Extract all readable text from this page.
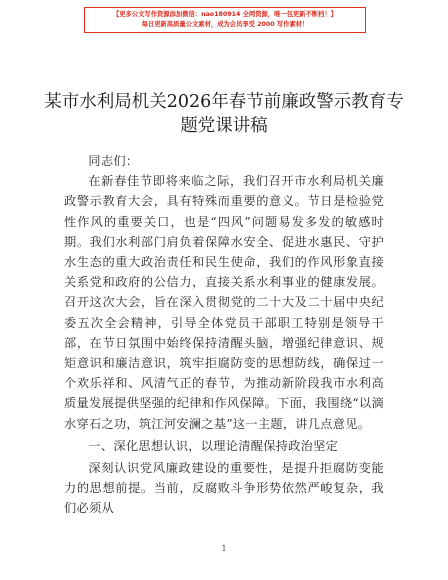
【更多公文写作资源添加微信：nao180914 全网资源，唯一包更新不断档！】
每日更新高质量公文素材，成为会员享受 2000 写作素材！
某市水利局机关2026年春节前廉政警示教育专题党课讲稿

同志们：

在新春佳节即将来临之际，我们召开市水利局机关廉政警示教育大会，具有特殊而重要的意义。节日是检验党性作风的重要关口，也是“四风”问题易发多发的敏感时期。我们水利部门肩负着保障水安全、促进水惠民、守护水生态的重大政治责任和民生使命，我们的作风形象直接关系党和政府的公信力，直接关系水利事业的健康发展。召开这次大会，旨在深入贯彻党的二十大及二十届中央纪委五次全会精神，引导全体党员干部职工特别是领导干部，在节日氛围中始终保持清醒头脑，增强纪律意识、规矩意识和廉洁意识，筑牢拒腐防变的思想防线，确保过一个欢乐祥和、风清气正的春节，为推动新阶段我市水利高质量发展提供坚强的纪律和作风保障。下面，我围绕“以滴水穿石之功，筑江河安澜之基”这一主题，讲几点意见。

一、深化思想认识，以理论清醒保持政治坚定

深刻认识党风廉政建设的重要性，是提升拒腐防变能力的思想前提。当前，反腐败斗争形势依然严峻复杂，我们必须从

1
